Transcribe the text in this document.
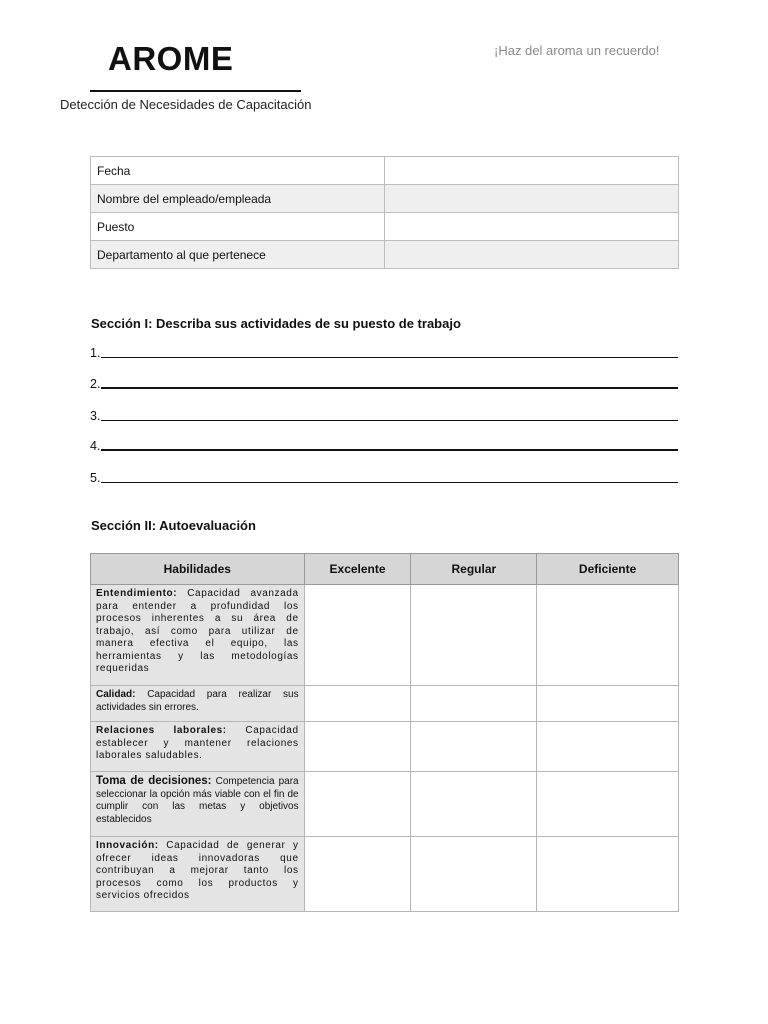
AROME	¡Haz del aroma un recuerdo!
Detección de Necesidades de Capacitación
Fecha	
Nombre del empleado/empleada	
Puesto	
Departamento al que pertenece	
Sección I: Describa sus actividades de su puesto de trabajo
1.
2.
3.
4.
5.
Sección II: Autoevaluación
Habilidades	Excelente	Regular	Deficiente
Entendimiento: Capacidad avanzada para entender a profundidad los procesos inherentes a su área de trabajo, así como para utilizar de manera efectiva el equipo, las herramientas y las metodologías requeridas			
Calidad: Capacidad para realizar sus actividades sin errores.			
Relaciones laborales: Capacidad establecer y mantener relaciones laborales saludables.			
Toma de decisiones: Competencia para seleccionar la opción más viable con el fin de cumplir con las metas y objetivos establecidos			
Innovación: Capacidad de generar y ofrecer ideas innovadoras que contribuyan a mejorar tanto los procesos como los productos y servicios ofrecidos			
